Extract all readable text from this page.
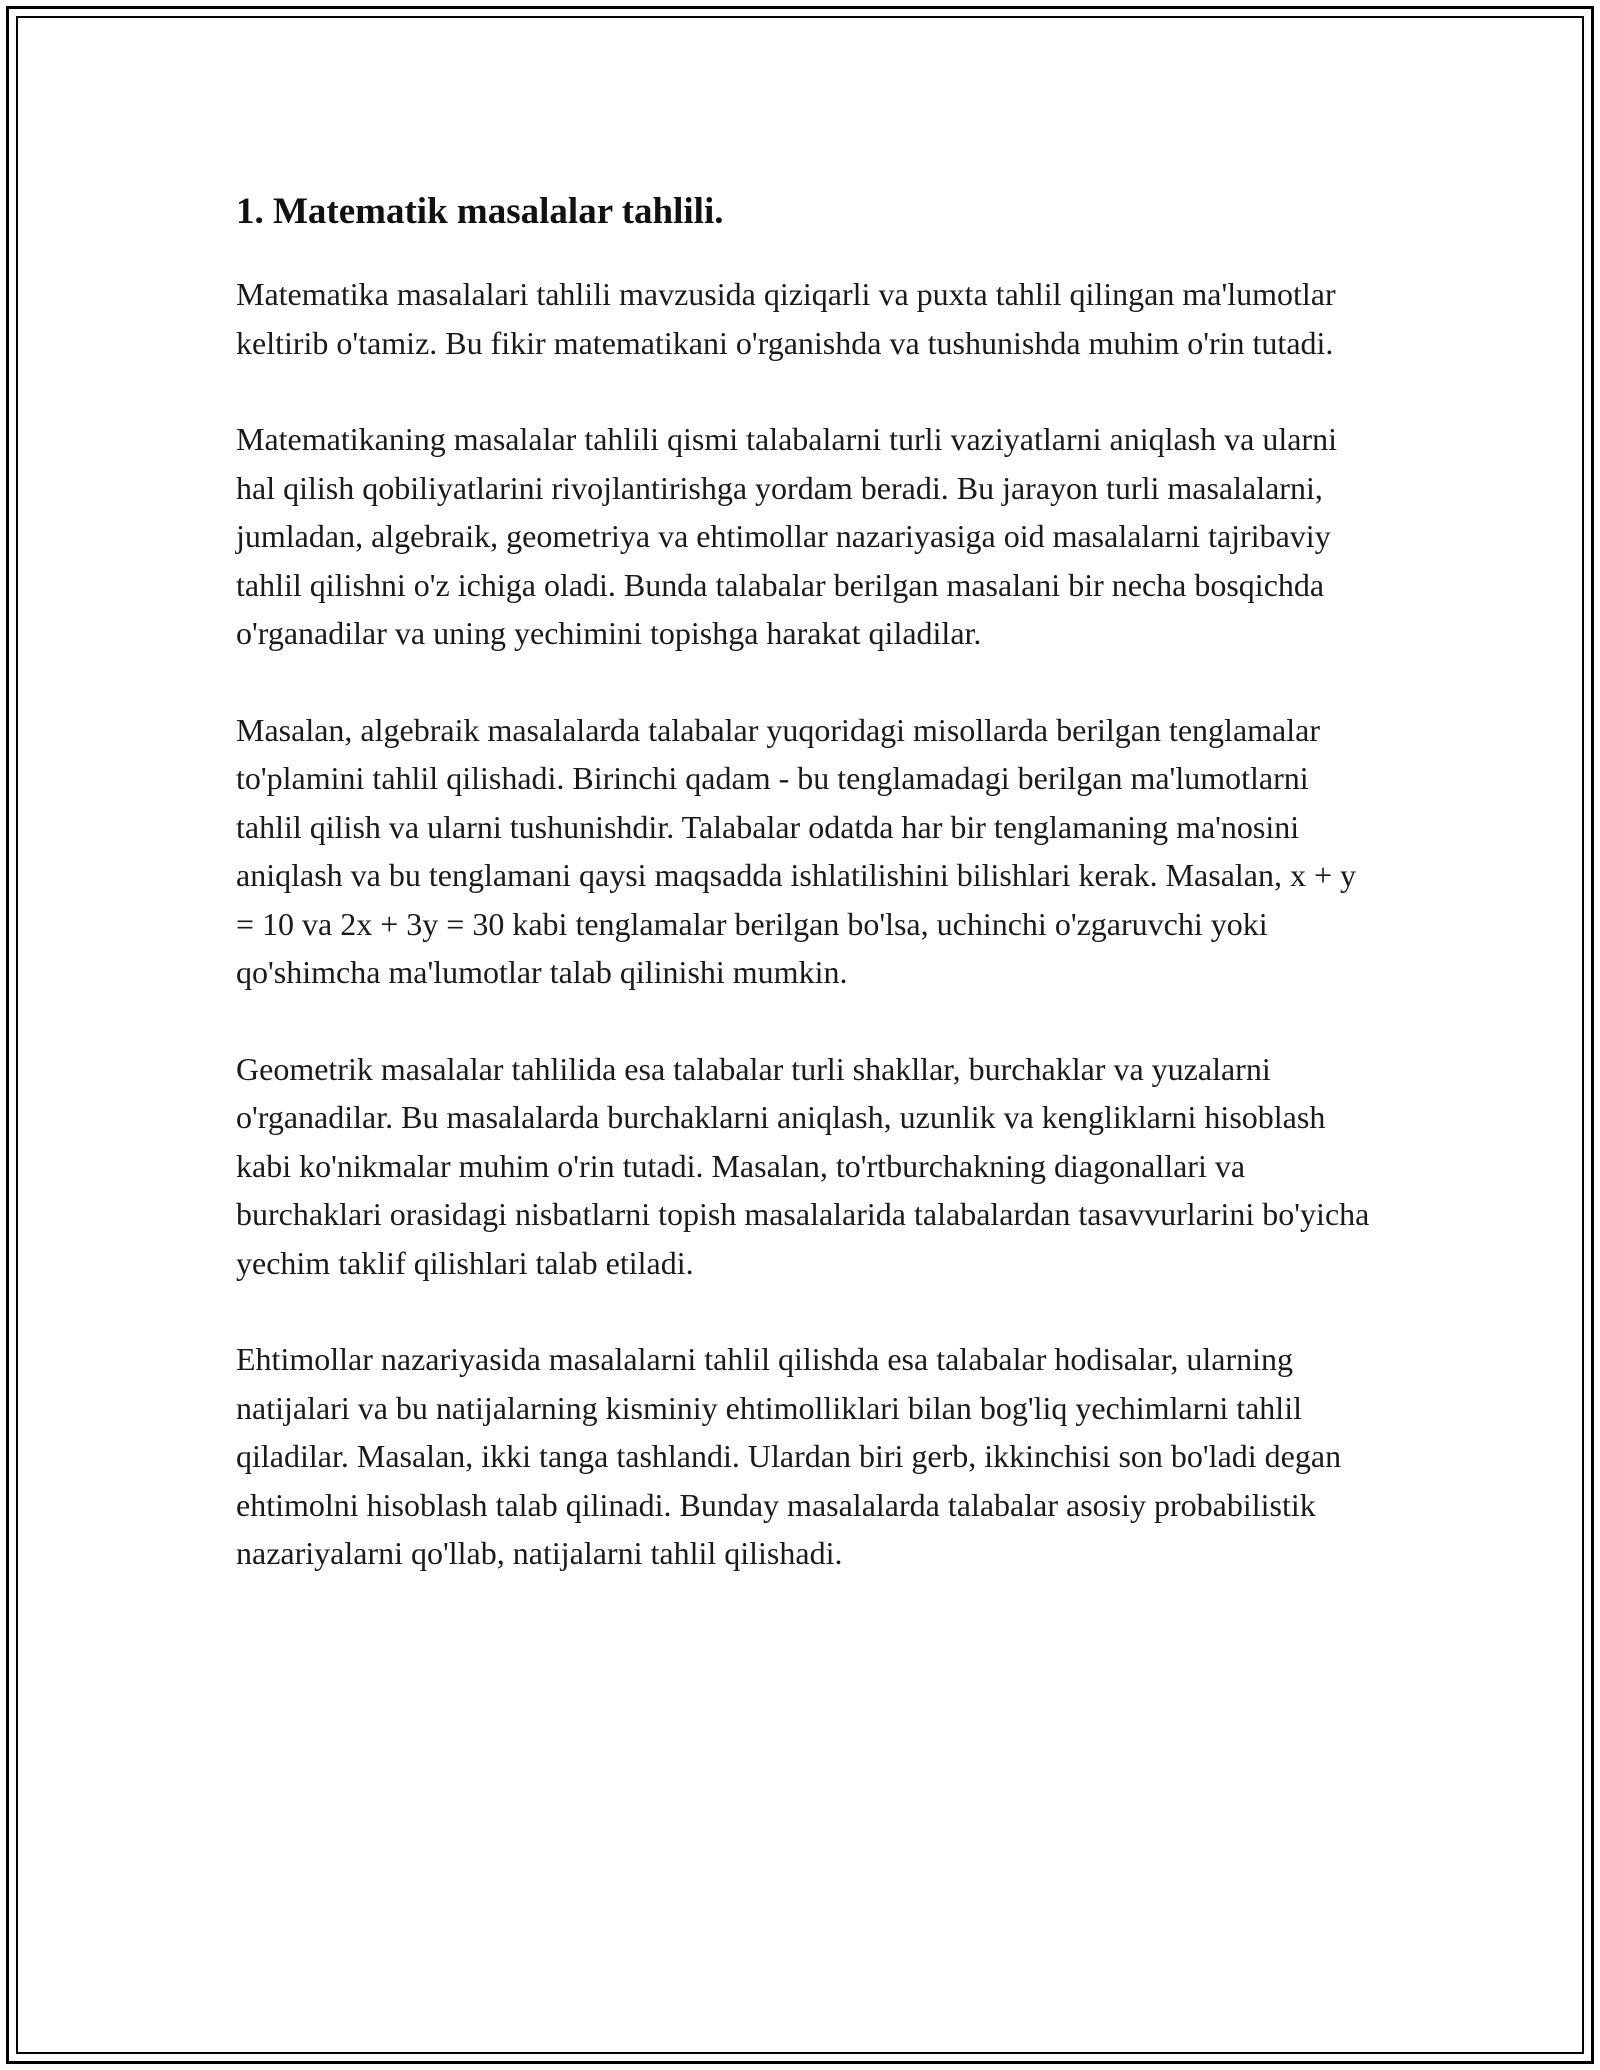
1. Matematik masalalar tahlili.

Matematika masalalari tahlili mavzusida qiziqarli va puxta tahlil qilingan ma'lumotlar keltirib o'tamiz. Bu fikir matematikani o'rganishda va tushunishda muhim o'rin tutadi.

Matematikaning masalalar tahlili qismi talabalarni turli vaziyatlarni aniqlash va ularni hal qilish qobiliyatlarini rivojlantirishga yordam beradi. Bu jarayon turli masalalarni, jumladan, algebraik, geometriya va ehtimollar nazariyasiga oid masalalarni tajribaviy tahlil qilishni o'z ichiga oladi. Bunda talabalar berilgan masalani bir necha bosqichda o'rganadilar va uning yechimini topishga harakat qiladilar.

Masalan, algebraik masalalarda talabalar yuqoridagi misollarda berilgan tenglamalar to'plamini tahlil qilishadi. Birinchi qadam - bu tenglamadagi berilgan ma'lumotlarni tahlil qilish va ularni tushunishdir. Talabalar odatda har bir tenglamaning ma'nosini aniqlash va bu tenglamani qaysi maqsadda ishlatilishini bilishlari kerak. Masalan, x + y = 10 va 2x + 3y = 30 kabi tenglamalar berilgan bo'lsa, uchinchi o'zgaruvchi yoki qo'shimcha ma'lumotlar talab qilinishi mumkin.

Geometrik masalalar tahlilida esa talabalar turli shakllar, burchaklar va yuzalarni o'rganadilar. Bu masalalarda burchaklarni aniqlash, uzunlik va kengliklarni hisoblash kabi ko'nikmalar muhim o'rin tutadi. Masalan, to'rtburchakning diagonallari va burchaklari orasidagi nisbatlarni topish masalalarida talabalardan tasavvurlarini bo'yicha yechim taklif qilishlari talab etiladi.

Ehtimollar nazariyasida masalalarni tahlil qilishda esa talabalar hodisalar, ularning natijalari va bu natijalarning kisminiy ehtimolliklari bilan bog'liq yechimlarni tahlil qiladilar. Masalan, ikki tanga tashlandi. Ulardan biri gerb, ikkinchisi son bo'ladi degan ehtimolni hisoblash talab qilinadi. Bunday masalalarda talabalar asosiy probabilistik nazariyalarni qo'llab, natijalarni tahlil qilishadi.
